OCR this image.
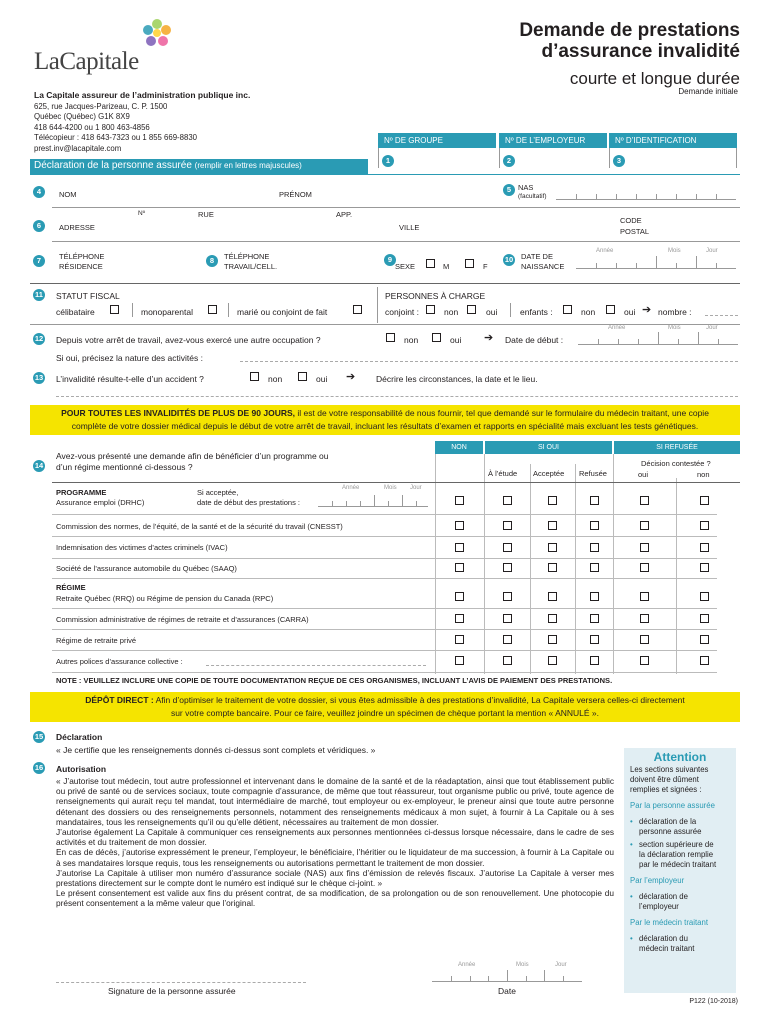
LaCapitale
Demande de prestations
d’assurance invalidité
courte et longue durée
Demande initiale
La Capitale assureur de l’administration publique inc.
625, rue Jacques-Parizeau, C. P. 1500
Québec (Québec) G1K 8X9
418 644-4200 ou 1 800 463-4856
Télécopieur : 418 643-7323 ou 1 855 669-8830
prest.inv@lacapitale.com
Nº DE GROUPE	Nº DE L’EMPLOYEUR	Nº D’IDENTIFICATION
1	2	3
Déclaration de la personne assurée (remplir en lettres majuscules)
4	NOM	PRÉNOM
5 NAS
(facultatif)
Nº	RUE	APP.
6	ADRESSE	VILLE
CODE
POSTAL
7	TÉLÉPHONE
RÉSIDENCE
8	TÉLÉPHONE
TRAVAIL/CELL.
9
SEXE	M	F
10 DATE DE
NAISSANCE
Année	Mois	Jour
11 STATUT FISCAL
célibataire	monoparental	marié ou conjoint de fait
PERSONNES À CHARGE
conjoint :	non	oui	enfants :	non	oui ➔ nombre :
12 Depuis votre arrêt de travail, avez-vous exercé une autre occupation ?	non	oui ➔ Date de début :
Année	Mois	Jour
Si oui, précisez la nature des activités :
13 L’invalidité résulte-t-elle d’un accident ?	non	oui ➔ Décrire les circonstances, la date et le lieu.
POUR TOUTES LES INVALIDITÉS DE PLUS DE 90 JOURS, il est de votre responsabilité de nous fournir, tel que demandé sur le formulaire du médecin traitant, une copie
complète de votre dossier médical depuis le début de votre arrêt de travail, incluant les résultats d’examen et rapports en spécialité mais excluant les tests génétiques.
14
Avez-vous présenté une demande afin de bénéficier d’un programme ou
d’un régime mentionné ci-dessous ?
NON	SI OUI	SI REFUSÉE
À l’étude Acceptée Refusée
Décision contestée ?
oui	non
PROGRAMME
Assurance emploi (DRHC)
Si acceptée,
date de début des prestations :
Année	Mois Jour
Commission des normes, de l’équité, de la santé et de la sécurité du travail (CNESST)
Indemnisation des victimes d’actes criminels (IVAC)
Société de l’assurance automobile du Québec (SAAQ)
RÉGIME
Retraite Québec (RRQ) ou Régime de pension du Canada (RPC)
Commission administrative de régimes de retraite et d’assurances (CARRA)
Régime de retraite privé
Autres polices d’assurance collective :
NOTE : VEUILLEZ INCLURE UNE COPIE DE TOUTE DOCUMENTATION REÇUE DE CES ORGANISMES, INCLUANT L’AVIS DE PAIEMENT DES PRESTATIONS.
DÉPÔT DIRECT : Afin d’optimiser le traitement de votre dossier, si vous êtes admissible à des prestations d’invalidité, La Capitale versera celles-ci directement
sur votre compte bancaire. Pour ce faire, veuillez joindre un spécimen de chèque portant la mention « ANNULÉ ».
15 Déclaration
« Je certifie que les renseignements donnés ci-dessus sont complets et véridiques. »
16 Autorisation
« J’autorise tout médecin, tout autre professionnel et intervenant dans le domaine de la santé et de la réadaptation, ainsi que tout établissement public ou privé de santé ou de services sociaux, toute compagnie d’assurance, de même que tout réassureur, tout organisme public ou privé, toute agence de renseignements qui aurait reçu tel mandat, tout intermédiaire de marché, tout employeur ou ex-employeur, le preneur ainsi que toute autre personne détenant des dossiers ou des renseignements personnels, notamment des renseignements médicaux à mon sujet, à fournir à La Capitale ou à ses mandataires, tous les renseignements qu’il ou qu’elle détient, nécessaires au traitement de mon dossier.
J’autorise également La Capitale à communiquer ces renseignements aux personnes mentionnées ci-dessus lorsque nécessaire, dans le cadre de ses activités et du traitement de mon dossier.
En cas de décès, j’autorise expressément le preneur, l’employeur, le bénéficiaire, l’héritier ou le liquidateur de ma succession, à fournir à La Capitale ou à ses mandataires lorsque requis, tous les renseignements ou autorisations permettant le traitement de mon dossier.
J’autorise La Capitale à utiliser mon numéro d’assurance sociale (NAS) aux fins d’émission de relevés fiscaux. J’autorise La Capitale à verser mes prestations directement sur le compte dont le numéro est indiqué sur le chèque ci-joint. »
Le présent consentement est valide aux fins du présent contrat, de sa modification, de sa prolongation ou de son renouvellement. Une photocopie du présent consentement a la même valeur que l’original.
Signature de la personne assurée
Année	Mois	Jour
Date
Attention
Les sections suivantes
doivent être dûment
remplies et signées :
Par la personne assurée
• déclaration de la
personne assurée
• section supérieure de
la déclaration remplie
par le médecin traitant
Par l’employeur
• déclaration de
l’employeur
Par le médecin traitant
• déclaration du
médecin traitant
P122 (10-2018)
